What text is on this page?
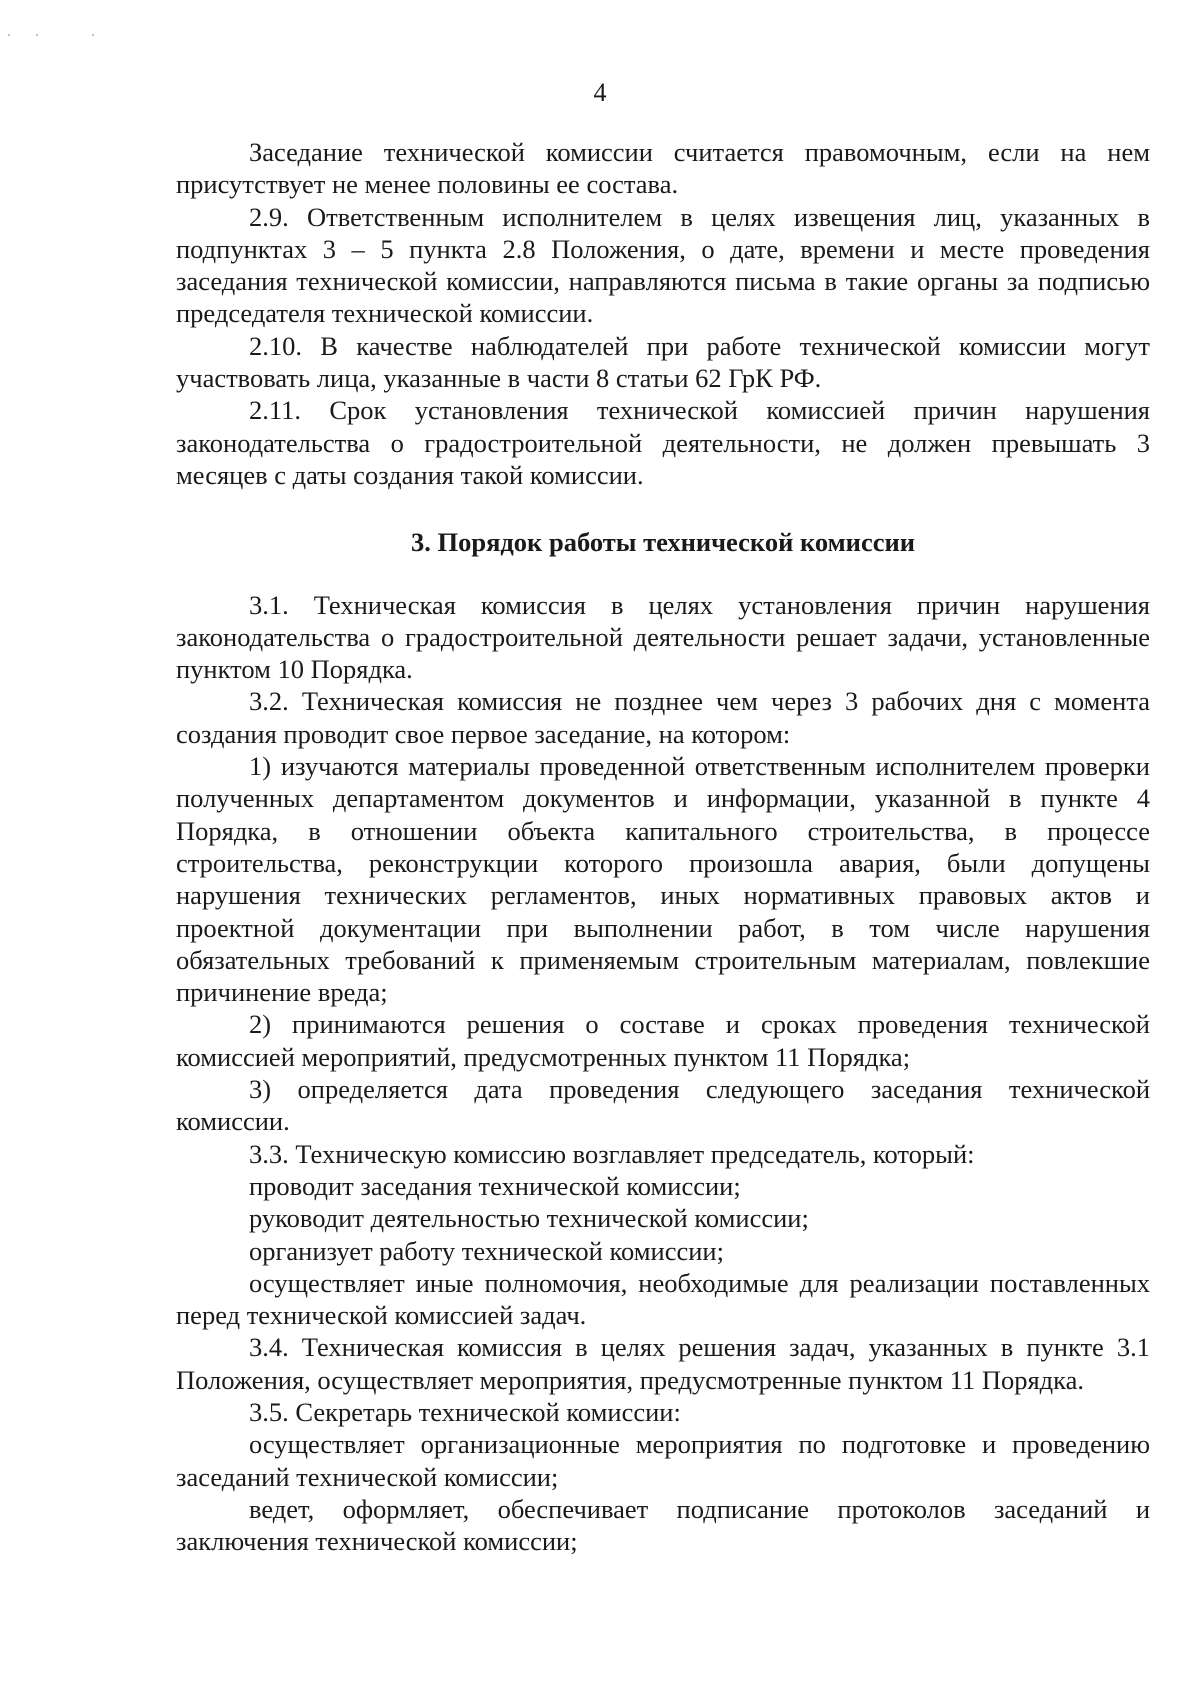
4

Заседание технической комиссии считается правомочным, если на нем присутствует не менее половины ее состава.

2.9. Ответственным исполнителем в целях извещения лиц, указанных в подпунктах 3 – 5 пункта 2.8 Положения, о дате, времени и месте проведения заседания технической комиссии, направляются письма в такие органы за подписью председателя технической комиссии.

2.10. В качестве наблюдателей при работе технической комиссии могут участвовать лица, указанные в части 8 статьи 62 ГрК РФ.

2.11. Срок установления технической комиссией причин нарушения законодательства о градостроительной деятельности, не должен превышать 3 месяцев с даты создания такой комиссии.

3. Порядок работы технической комиссии

3.1. Техническая комиссия в целях установления причин нарушения законодательства о градостроительной деятельности решает задачи, установленные пунктом 10 Порядка.

3.2. Техническая комиссия не позднее чем через 3 рабочих дня с момента создания проводит свое первое заседание, на котором:

1) изучаются материалы проведенной ответственным исполнителем проверки полученных департаментом документов и информации, указанной в пункте 4 Порядка, в отношении объекта капитального строительства, в процессе строительства, реконструкции которого произошла авария, были допущены нарушения технических регламентов, иных нормативных правовых актов и проектной документации при выполнении работ, в том числе нарушения обязательных требований к применяемым строительным материалам, повлекшие причинение вреда;

2) принимаются решения о составе и сроках проведения технической комиссией мероприятий, предусмотренных пунктом 11 Порядка;

3) определяется дата проведения следующего заседания технической комиссии.

3.3. Техническую комиссию возглавляет председатель, который:

проводит заседания технической комиссии;

руководит деятельностью технической комиссии;

организует работу технической комиссии;

осуществляет иные полномочия, необходимые для реализации поставленных перед технической комиссией задач.

3.4. Техническая комиссия в целях решения задач, указанных в пункте 3.1 Положения, осуществляет мероприятия, предусмотренные пунктом 11 Порядка.

3.5. Секретарь технической комиссии:

осуществляет организационные мероприятия по подготовке и проведению заседаний технической комиссии;

ведет, оформляет, обеспечивает подписание протоколов заседаний и заключения технической комиссии;
